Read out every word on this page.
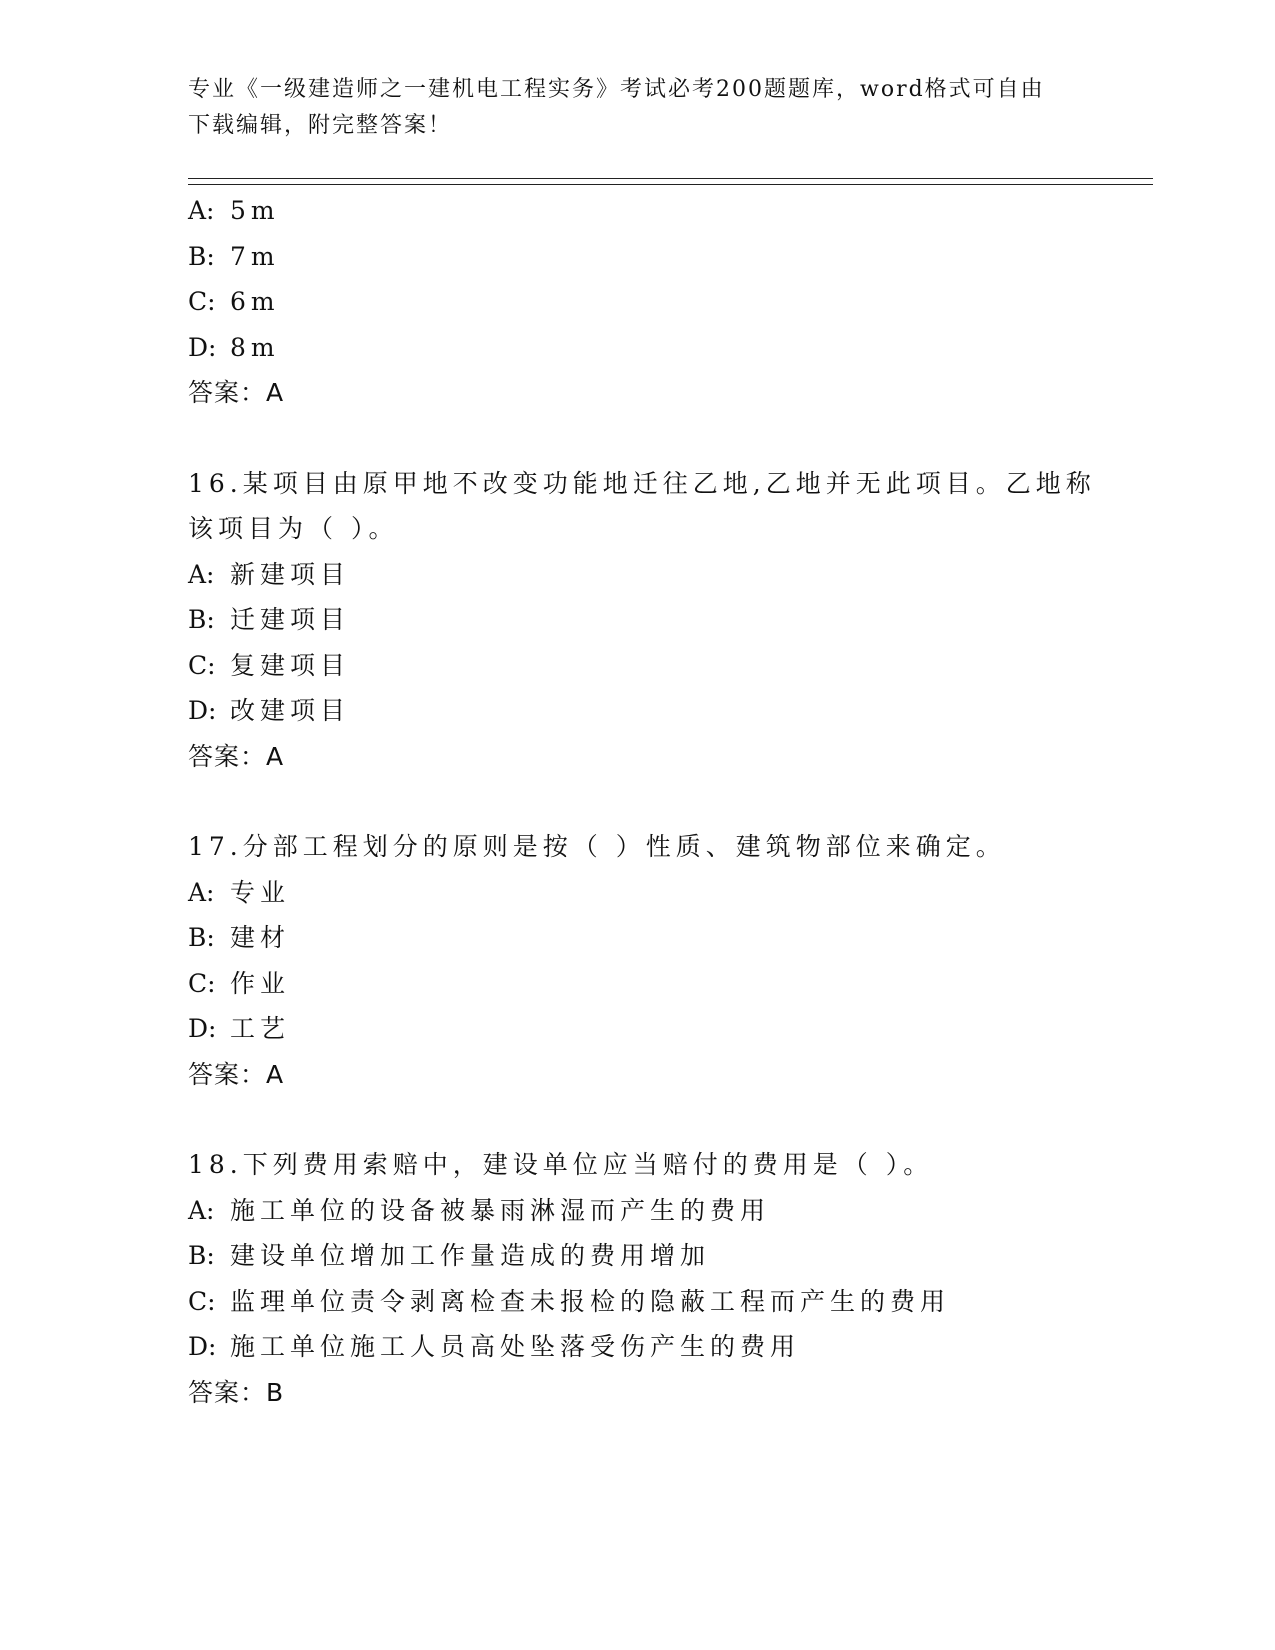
专业《一级建造师之一建机电工程实务》考试必考200题题库，word格式可自由
下载编辑，附完整答案！
A: 5m
B: 7m
C: 6m
D: 8m
答案：A
16.某项目由原甲地不改变功能地迁往乙地,乙地并无此项目。乙地称
该项目为（ ）。
A: 新建项目
B: 迁建项目
C: 复建项目
D: 改建项目
答案：A
17.分部工程划分的原则是按（ ）性质、建筑物部位来确定。
A: 专业
B: 建材
C: 作业
D: 工艺
答案：A
18.下列费用索赔中，建设单位应当赔付的费用是（ ）。
A: 施工单位的设备被暴雨淋湿而产生的费用
B: 建设单位增加工作量造成的费用增加
C: 监理单位责令剥离检查未报检的隐蔽工程而产生的费用
D: 施工单位施工人员高处坠落受伤产生的费用
答案：B
